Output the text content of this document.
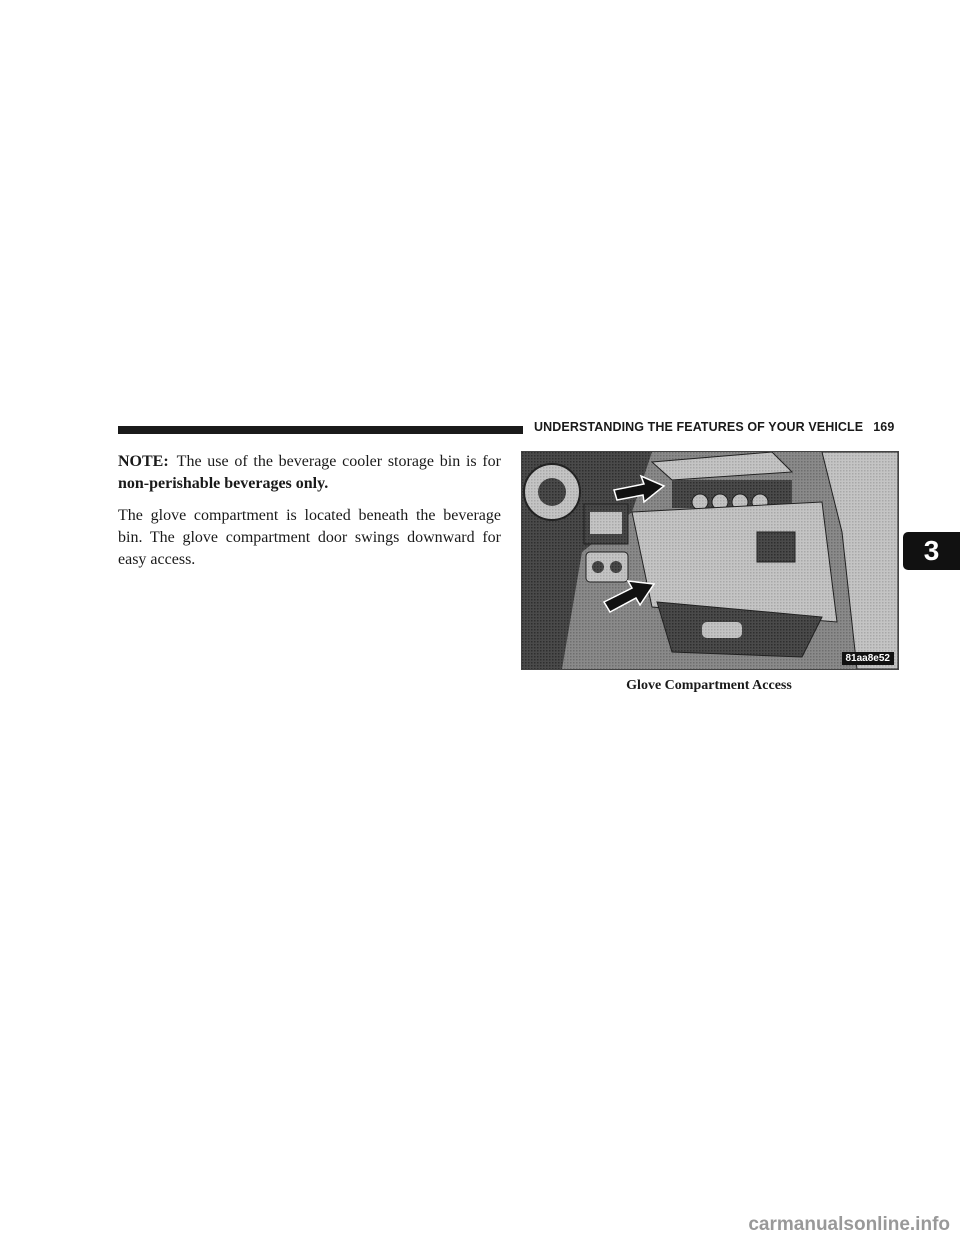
UNDERSTANDING THE FEATURES OF YOUR VEHICLE 169

NOTE: The use of the beverage cooler storage bin is for non-perishable beverages only.

The glove compartment is located beneath the beverage bin. The glove compartment door swings downward for easy access.

81aa8e52
Glove Compartment Access
3
carmanualsonline.info
